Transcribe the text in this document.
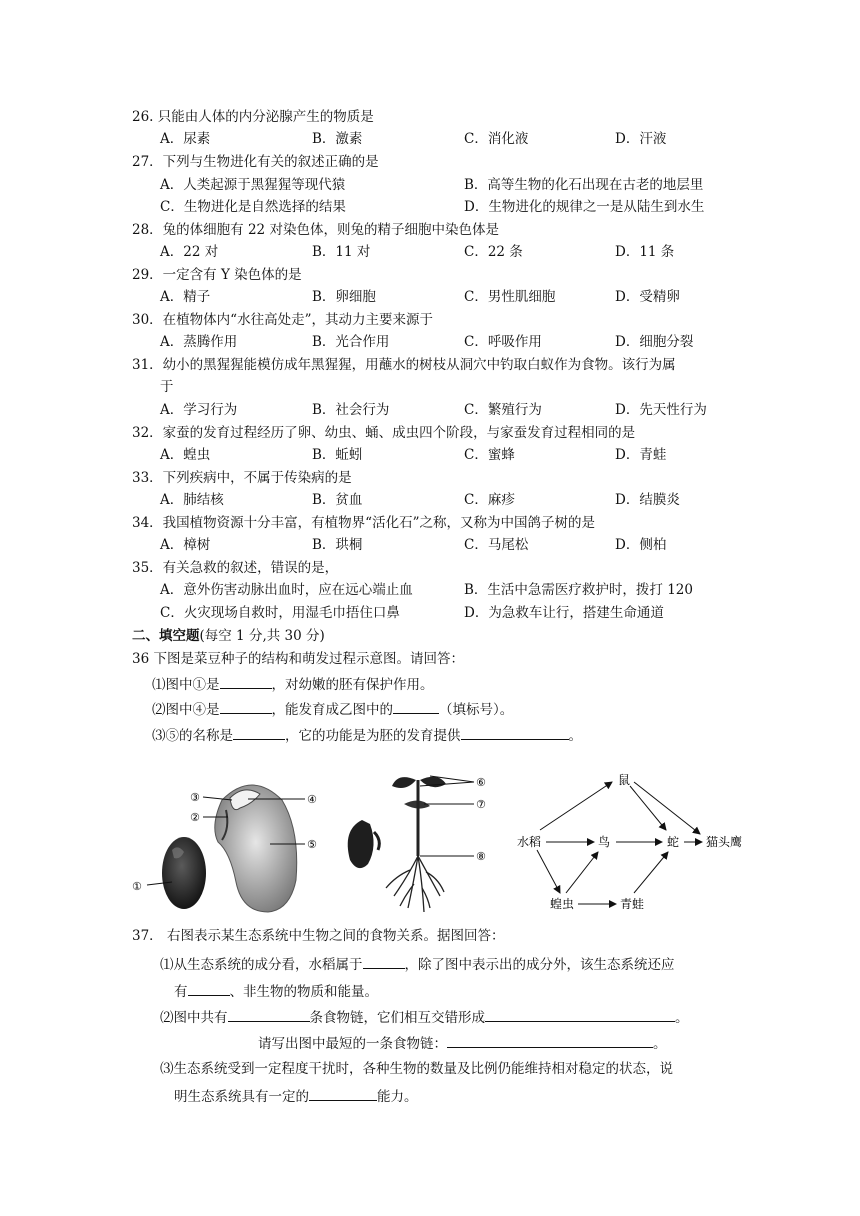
26. 只能由人体的内分泌腺产生的物质是
A．尿素	B．激素	C．消化液	D．汗液
27．下列与生物进化有关的叙述正确的是
A．人类起源于黑猩猩等现代猿	B．高等生物的化石出现在古老的地层里
C．生物进化是自然选择的结果	D．生物进化的规律之一是从陆生到水生
28．兔的体细胞有 22 对染色体，则兔的精子细胞中染色体是
A．22 对	B．11 对	C．22 条	D．11 条
29．一定含有 Y 染色体的是
A．精子	B．卵细胞	C．男性肌细胞	D．受精卵
30．在植物体内“水往高处走”，其动力主要来源于
A．蒸腾作用	B．光合作用	C．呼吸作用	D．细胞分裂
31．幼小的黑猩猩能模仿成年黑猩猩，用蘸水的树枝从洞穴中钓取白蚁作为食物。该行为属
于
A．学习行为	B．社会行为	C．繁殖行为	D．先天性行为
32．家蚕的发育过程经历了卵、幼虫、蛹、成虫四个阶段，与家蚕发育过程相同的是
A．蝗虫	B．蚯蚓	C．蜜蜂	D．青蛙
33．下列疾病中，不属于传染病的是
A．肺结核	B．贫血	C．麻疹	D．结膜炎
34．我国植物资源十分丰富，有植物界“活化石”之称，又称为中国鸽子树的是
A．樟树	B．珙桐	C．马尾松	D．侧柏
35．有关急救的叙述，错误的是，
A．意外伤害动脉出血时，应在远心端止血	B．生活中急需医疗救护时，拨打 120
C．火灾现场自救时，用湿毛巾捂住口鼻	D．为急救车让行，搭建生命通道
二、填空题(每空 1 分,共 30 分)
36 下图是菜豆种子的结构和萌发过程示意图。请回答：
⑴图中①是	，对幼嫩的胚有保护作用。
⑵图中④是	，能发育成乙图中的	（填标号）。
⑶⑤的名称是	，它的功能是为胚的发育提供	。
①
②
③	④
⑤
⑥
⑦
⑧
水稻
鼠
鸟	蛇 猫头鹰
蝗虫	青蛙
37． 右图表示某生态系统中生物之间的食物关系。据图回答：
⑴从生态系统的成分看，水稻属于	，除了图中表示出的成分外，该生态系统还应
有	、非生物的物质和能量。
⑵图中共有	条食物链，它们相互交错形成	。
请写出图中最短的一条食物链：	。
⑶生态系统受到一定程度干扰时，各种生物的数量及比例仍能维持相对稳定的状态，说
明生态系统具有一定的	能力。
